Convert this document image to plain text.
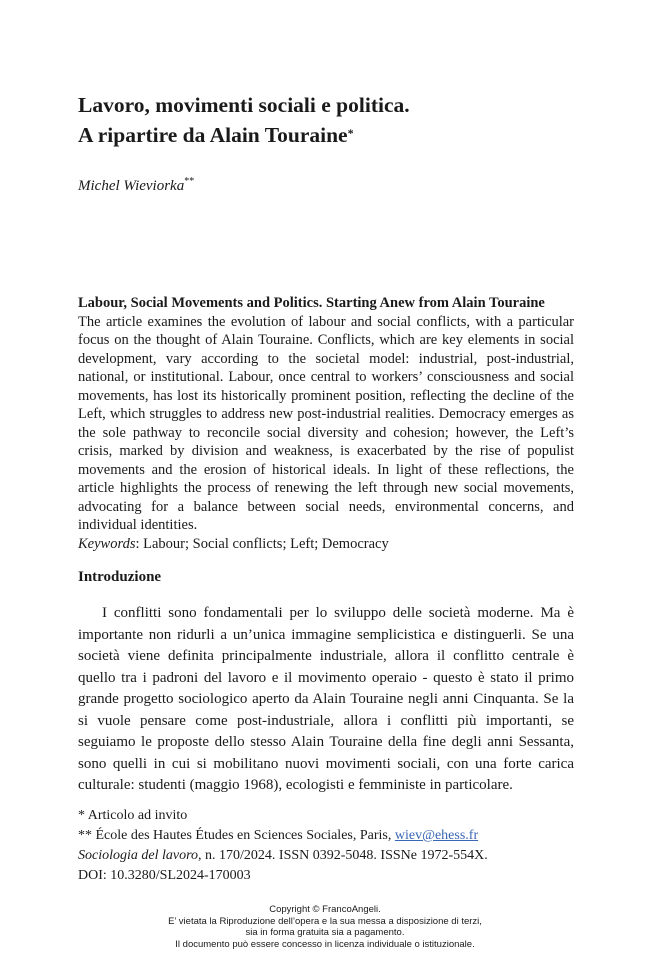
Lavoro, movimenti sociali e politica.
A ripartire da Alain Touraine*
Michel Wieviorka**
Labour, Social Movements and Politics. Starting Anew from Alain Touraine
The article examines the evolution of labour and social conflicts, with a particular focus on the thought of Alain Touraine. Conflicts, which are key elements in social development, vary according to the societal model: industrial, post-industrial, national, or institutional. Labour, once central to workers’ consciousness and social movements, has lost its historically prominent position, reflecting the decline of the Left, which struggles to address new post-industrial realities. Democracy emerges as the sole pathway to reconcile social diversity and cohesion; however, the Left’s crisis, marked by division and weakness, is exacerbated by the rise of populist movements and the erosion of historical ideals. In light of these reflections, the article highlights the process of renewing the left through new social movements, advocating for a balance between social needs, environmental concerns, and individual identities.
Keywords: Labour; Social conflicts; Left; Democracy
Introduzione
I conflitti sono fondamentali per lo sviluppo delle società moderne. Ma è importante non ridurli a un’unica immagine semplicistica e distinguerli. Se una società viene definita principalmente industriale, allora il conflitto centrale è quello tra i padroni del lavoro e il movimento operaio - questo è stato il primo grande progetto sociologico aperto da Alain Touraine negli anni Cinquanta. Se la si vuole pensare come post-industriale, allora i conflitti più importanti, se seguiamo le proposte dello stesso Alain Touraine della fine degli anni Sessanta, sono quelli in cui si mobilitano nuovi movimenti sociali, con una forte carica culturale: studenti (maggio 1968), ecologisti e femministe in particolare.
* Articolo ad invito
** École des Hautes Études en Sciences Sociales, Paris, wiev@ehess.fr
Sociologia del lavoro, n. 170/2024. ISSN 0392-5048. ISSNe 1972-554X.
DOI: 10.3280/SL2024-170003
Copyright © FrancoAngeli.
E’ vietata la Riproduzione dell’opera e la sua messa a disposizione di terzi,
sia in forma gratuita sia a pagamento.
Il documento può essere concesso in licenza individuale o istituzionale.
